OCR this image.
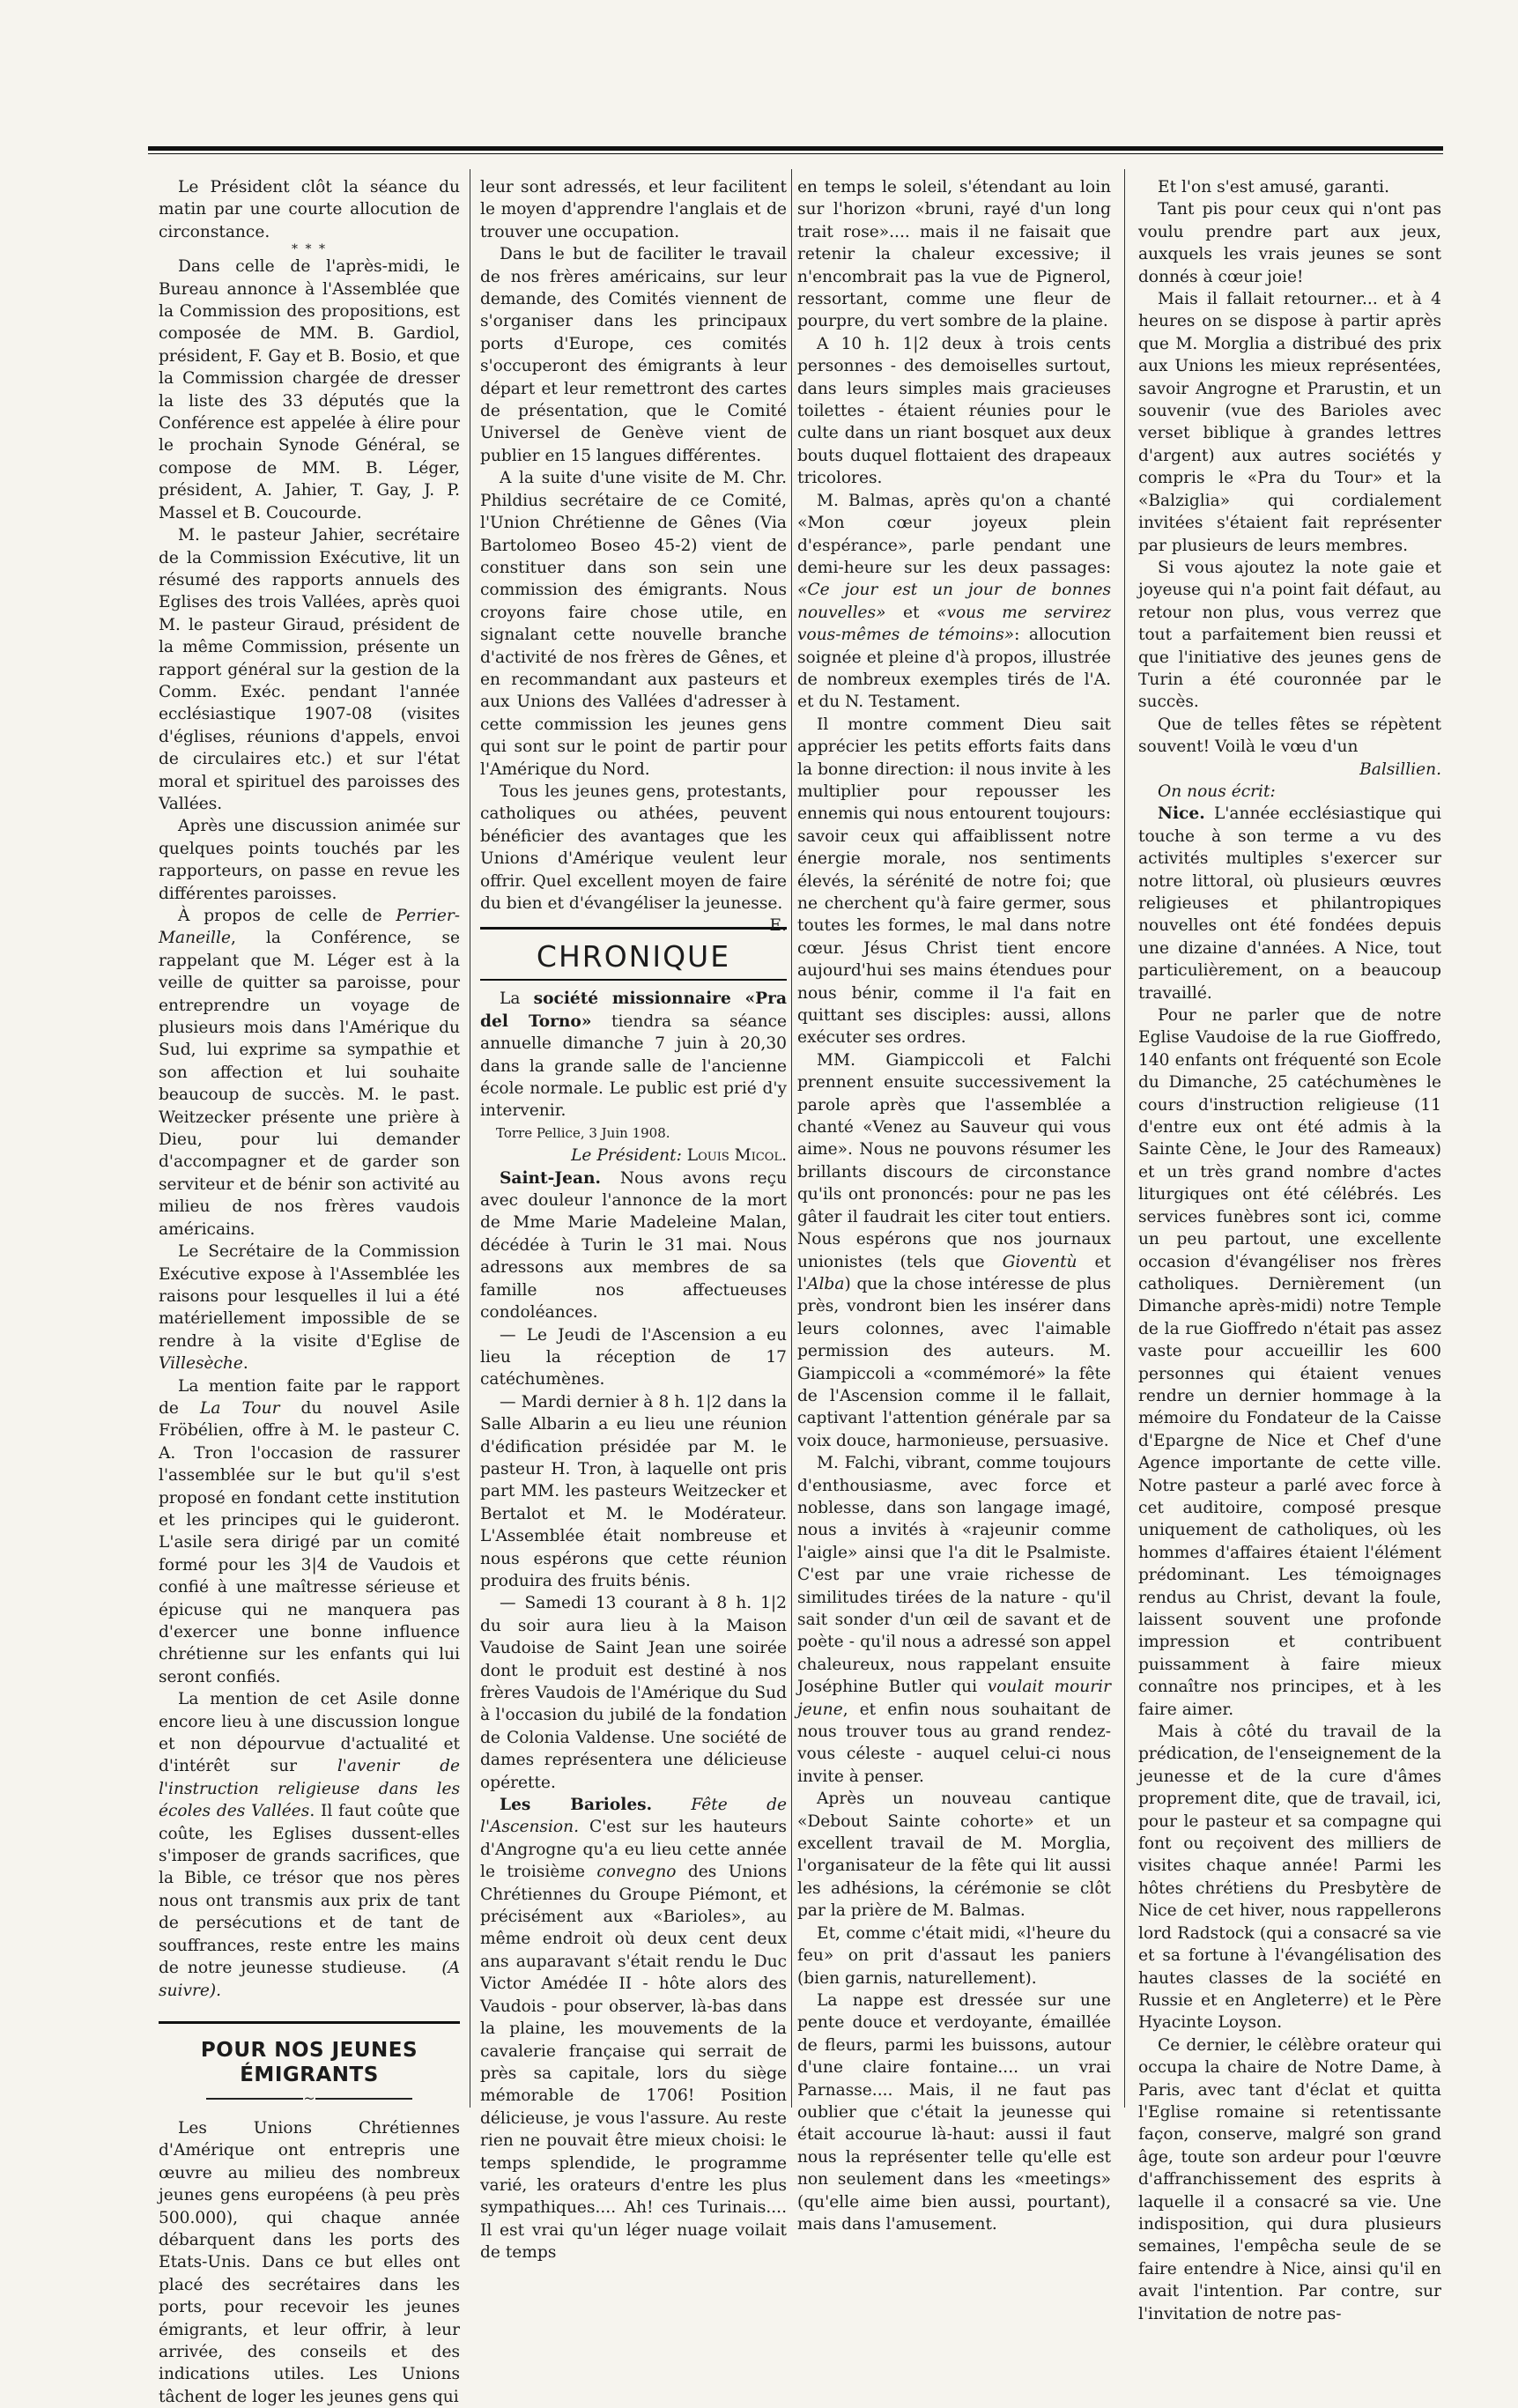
Le Président clôt la séance du matin par une courte allocution de circonstance.

* * *

Dans celle de l'après-midi, le Bureau annonce à l'Assemblée que la Commission des propositions, est composée de MM. B. Gardiol, président, F. Gay et B. Bosio, et que la Commission chargée de dresser la liste des 33 députés que la Conférence est appelée à élire pour le prochain Synode Général, se compose de MM. B. Léger, président, A. Jahier, T. Gay, J. P. Massel et B. Coucourde.

M. le pasteur Jahier, secrétaire de la Commission Exécutive, lit un résumé des rapports annuels des Eglises des trois Vallées, après quoi M. le pasteur Giraud, président de la même Commission, présente un rapport général sur la gestion de la Comm. Exéc. pendant l'année ecclésiastique 1907-08 (visites d'églises, réunions d'appels, envoi de circulaires etc.) et sur l'état moral et spirituel des paroisses des Vallées.

Après une discussion animée sur quelques points touchés par les rapporteurs, on passe en revue les différentes paroisses.

À propos de celle de Perrier-Maneille, la Conférence, se rappelant que M. Léger est à la veille de quitter sa paroisse, pour entreprendre un voyage de plusieurs mois dans l'Amérique du Sud, lui exprime sa sympathie et son affection et lui souhaite beaucoup de succès. M. le past. Weitzecker présente une prière à Dieu, pour lui demander d'accompagner et de garder son serviteur et de bénir son activité au milieu de nos frères vaudois américains.

Le Secrétaire de la Commission Exécutive expose à l'Assemblée les raisons pour lesquelles il lui a été matériellement impossible de se rendre à la visite d'Eglise de Villesèche.

La mention faite par le rapport de La Tour du nouvel Asile Fröbélien, offre à M. le pasteur C. A. Tron l'occasion de rassurer l'assemblée sur le but qu'il s'est proposé en fondant cette institution et les principes qui le guideront. L'asile sera dirigé par un comité formé pour les 3|4 de Vaudois et confié à une maîtresse sérieuse et épicuse qui ne manquera pas d'exercer une bonne influence chrétienne sur les enfants qui lui seront confiés.

La mention de cet Asile donne encore lieu à une discussion longue et non dépourvue d'actualité et d'intérêt sur l'avenir de l'instruction religieuse dans les écoles des Vallées. Il faut coûte que coûte, les Eglises dussent-elles s'imposer de grands sacrifices, que la Bible, ce trésor que nos pères nous ont transmis aux prix de tant de persécutions et de tant de souffrances, reste entre les mains de notre jeunesse studieuse. (A suivre).

POUR NOS JEUNES ÉMIGRANTS
~

Les Unions Chrétiennes d'Amérique ont entrepris une œuvre au milieu des nombreux jeunes gens européens (à peu près 500.000), qui chaque année débarquent dans les ports des Etats-Unis. Dans ce but elles ont placé des secrétaires dans les ports, pour recevoir les jeunes émigrants, et leur offrir, à leur arrivée, des conseils et des indications utiles. Les Unions tâchent de loger les jeunes gens qui

leur sont adressés, et leur facilitent le moyen d'apprendre l'anglais et de trouver une occupation.

Dans le but de faciliter le travail de nos frères américains, sur leur demande, des Comités viennent de s'organiser dans les principaux ports d'Europe, ces comités s'occuperont des émigrants à leur départ et leur remettront des cartes de présentation, que le Comité Universel de Genève vient de publier en 15 langues différentes.

A la suite d'une visite de M. Chr. Phildius secrétaire de ce Comité, l'Union Chrétienne de Gênes (Via Bartolomeo Boseo 45-2) vient de constituer dans son sein une commission des émigrants. Nous croyons faire chose utile, en signalant cette nouvelle branche d'activité de nos frères de Gênes, et en recommandant aux pasteurs et aux Unions des Vallées d'adresser à cette commission les jeunes gens qui sont sur le point de partir pour l'Amérique du Nord.

Tous les jeunes gens, protestants, catholiques ou athées, peuvent bénéficier des avantages que les Unions d'Amérique veulent leur offrir. Quel excellent moyen de faire du bien et d'évangéliser la jeunesse.
E.

CHRONIQUE

La société missionnaire «Pra del Torno» tiendra sa séance annuelle dimanche 7 juin à 20,30 dans la grande salle de l'ancienne école normale. Le public est prié d'y intervenir.

Torre Pellice, 3 Juin 1908.

Le Président: Louis Micol.

Saint-Jean. Nous avons reçu avec douleur l'annonce de la mort de Mme Marie Madeleine Malan, décédée à Turin le 31 mai. Nous adressons aux membres de sa famille nos affectueuses condoléances.

— Le Jeudi de l'Ascension a eu lieu la réception de 17 catéchumènes.

— Mardi dernier à 8 h. 1|2 dans la Salle Albarin a eu lieu une réunion d'édification présidée par M. le pasteur H. Tron, à laquelle ont pris part MM. les pasteurs Weitzecker et Bertalot et M. le Modérateur. L'Assemblée était nombreuse et nous espérons que cette réunion produira des fruits bénis.

— Samedi 13 courant à 8 h. 1|2 du soir aura lieu à la Maison Vaudoise de Saint Jean une soirée dont le produit est destiné à nos frères Vaudois de l'Amérique du Sud à l'occasion du jubilé de la fondation de Colonia Valdense. Une société de dames représentera une délicieuse opérette.

Les Barioles. Fête de l'Ascension. C'est sur les hauteurs d'Angrogne qu'a eu lieu cette année le troisième convegno des Unions Chrétiennes du Groupe Piémont, et précisément aux «Barioles», au même endroit où deux cent deux ans auparavant s'était rendu le Duc Victor Amédée II - hôte alors des Vaudois - pour observer, là-bas dans la plaine, les mouvements de la cavalerie française qui serrait de près sa capitale, lors du siège mémorable de 1706! Position délicieuse, je vous l'assure. Au reste rien ne pouvait être mieux choisi: le temps splendide, le programme varié, les orateurs d'entre les plus sympathiques.... Ah! ces Turinais.... Il est vrai qu'un léger nuage voilait de temps

en temps le soleil, s'étendant au loin sur l'horizon «bruni, rayé d'un long trait rose».... mais il ne faisait que retenir la chaleur excessive; il n'encombrait pas la vue de Pignerol, ressortant, comme une fleur de pourpre, du vert sombre de la plaine.

A 10 h. 1|2 deux à trois cents personnes - des demoiselles surtout, dans leurs simples mais gracieuses toilettes - étaient réunies pour le culte dans un riant bosquet aux deux bouts duquel flottaient des drapeaux tricolores.

M. Balmas, après qu'on a chanté «Mon cœur joyeux plein d'espérance», parle pendant une demi-heure sur les deux passages: «Ce jour est un jour de bonnes nouvelles» et «vous me servirez vous-mêmes de témoins»: allocution soignée et pleine d'à propos, illustrée de nombreux exemples tirés de l'A. et du N. Testament.

Il montre comment Dieu sait apprécier les petits efforts faits dans la bonne direction: il nous invite à les multiplier pour repousser les ennemis qui nous entourent toujours: savoir ceux qui affaiblissent notre énergie morale, nos sentiments élevés, la sérénité de notre foi; que ne cherchent qu'à faire germer, sous toutes les formes, le mal dans notre cœur. Jésus Christ tient encore aujourd'hui ses mains étendues pour nous bénir, comme il l'a fait en quittant ses disciples: aussi, allons exécuter ses ordres.

MM. Giampiccoli et Falchi prennent ensuite successivement la parole après que l'assemblée a chanté «Venez au Sauveur qui vous aime». Nous ne pouvons résumer les brillants discours de circonstance qu'ils ont prononcés: pour ne pas les gâter il faudrait les citer tout entiers. Nous espérons que nos journaux unionistes (tels que Gioventù et l'Alba) que la chose intéresse de plus près, vondront bien les insérer dans leurs colonnes, avec l'aimable permission des auteurs. M. Giampiccoli a «commémoré» la fête de l'Ascension comme il le fallait, captivant l'attention générale par sa voix douce, harmonieuse, persuasive.

M. Falchi, vibrant, comme toujours d'enthousiasme, avec force et noblesse, dans son langage imagé, nous a invités à «rajeunir comme l'aigle» ainsi que l'a dit le Psalmiste. C'est par une vraie richesse de similitudes tirées de la nature - qu'il sait sonder d'un œil de savant et de poète - qu'il nous a adressé son appel chaleureux, nous rappelant ensuite Joséphine Butler qui voulait mourir jeune, et enfin nous souhaitant de nous trouver tous au grand rendez-vous céleste - auquel celui-ci nous invite à penser.

Après un nouveau cantique «Debout Sainte cohorte» et un excellent travail de M. Morglia, l'organisateur de la fête qui lit aussi les adhésions, la cérémonie se clôt par la prière de M. Balmas.

Et, comme c'était midi, «l'heure du feu» on prit d'assaut les paniers (bien garnis, naturellement).

La nappe est dressée sur une pente douce et verdoyante, émaillée de fleurs, parmi les buissons, autour d'une claire fontaine.... un vrai Parnasse.... Mais, il ne faut pas oublier que c'était la jeunesse qui était accourue là-haut: aussi il faut nous la représenter telle qu'elle est non seulement dans les «meetings» (qu'elle aime bien aussi, pourtant), mais dans l'amusement.

Et l'on s'est amusé, garanti.

Tant pis pour ceux qui n'ont pas voulu prendre part aux jeux, auxquels les vrais jeunes se sont donnés à cœur joie!

Mais il fallait retourner... et à 4 heures on se dispose à partir après que M. Morglia a distribué des prix aux Unions les mieux représentées, savoir Angrogne et Prarustin, et un souvenir (vue des Barioles avec verset biblique à grandes lettres d'argent) aux autres sociétés y compris le «Pra du Tour» et la «Balziglia» qui cordialement invitées s'étaient fait représenter par plusieurs de leurs membres.

Si vous ajoutez la note gaie et joyeuse qui n'a point fait défaut, au retour non plus, vous verrez que tout a parfaitement bien reussi et que l'initiative des jeunes gens de Turin a été couronnée par le succès.

Que de telles fêtes se répètent souvent! Voilà le vœu d'un

Balsillien.

On nous écrit:

Nice. L'année ecclésiastique qui touche à son terme a vu des activités multiples s'exercer sur notre littoral, où plusieurs œuvres religieuses et philantropiques nouvelles ont été fondées depuis une dizaine d'années. A Nice, tout particulièrement, on a beaucoup travaillé.

Pour ne parler que de notre Eglise Vaudoise de la rue Gioffredo, 140 enfants ont fréquenté son Ecole du Dimanche, 25 catéchumènes le cours d'instruction religieuse (11 d'entre eux ont été admis à la Sainte Cène, le Jour des Rameaux) et un très grand nombre d'actes liturgiques ont été célébrés. Les services funèbres sont ici, comme un peu partout, une excellente occasion d'évangéliser nos frères catholiques. Dernièrement (un Dimanche après-midi) notre Temple de la rue Gioffredo n'était pas assez vaste pour accueillir les 600 personnes qui étaient venues rendre un dernier hommage à la mémoire du Fondateur de la Caisse d'Epargne de Nice et Chef d'une Agence importante de cette ville. Notre pasteur a parlé avec force à cet auditoire, composé presque uniquement de catholiques, où les hommes d'affaires étaient l'élément prédominant. Les témoignages rendus au Christ, devant la foule, laissent souvent une profonde impression et contribuent puissamment à faire mieux connaître nos principes, et à les faire aimer.

Mais à côté du travail de la prédication, de l'enseignement de la jeunesse et de la cure d'âmes proprement dite, que de travail, ici, pour le pasteur et sa compagne qui font ou reçoivent des milliers de visites chaque année! Parmi les hôtes chrétiens du Presbytère de Nice de cet hiver, nous rappellerons lord Radstock (qui a consacré sa vie et sa fortune à l'évangélisation des hautes classes de la société en Russie et en Angleterre) et le Père Hyacinte Loyson.

Ce dernier, le célèbre orateur qui occupa la chaire de Notre Dame, à Paris, avec tant d'éclat et quitta l'Eglise romaine si retentissante façon, conserve, malgré son grand âge, toute son ardeur pour l'œuvre d'affranchissement des esprits à laquelle il a consacré sa vie. Une indisposition, qui dura plusieurs semaines, l'empêcha seule de se faire entendre à Nice, ainsi qu'il en avait l'intention. Par contre, sur l'invitation de notre pas-
